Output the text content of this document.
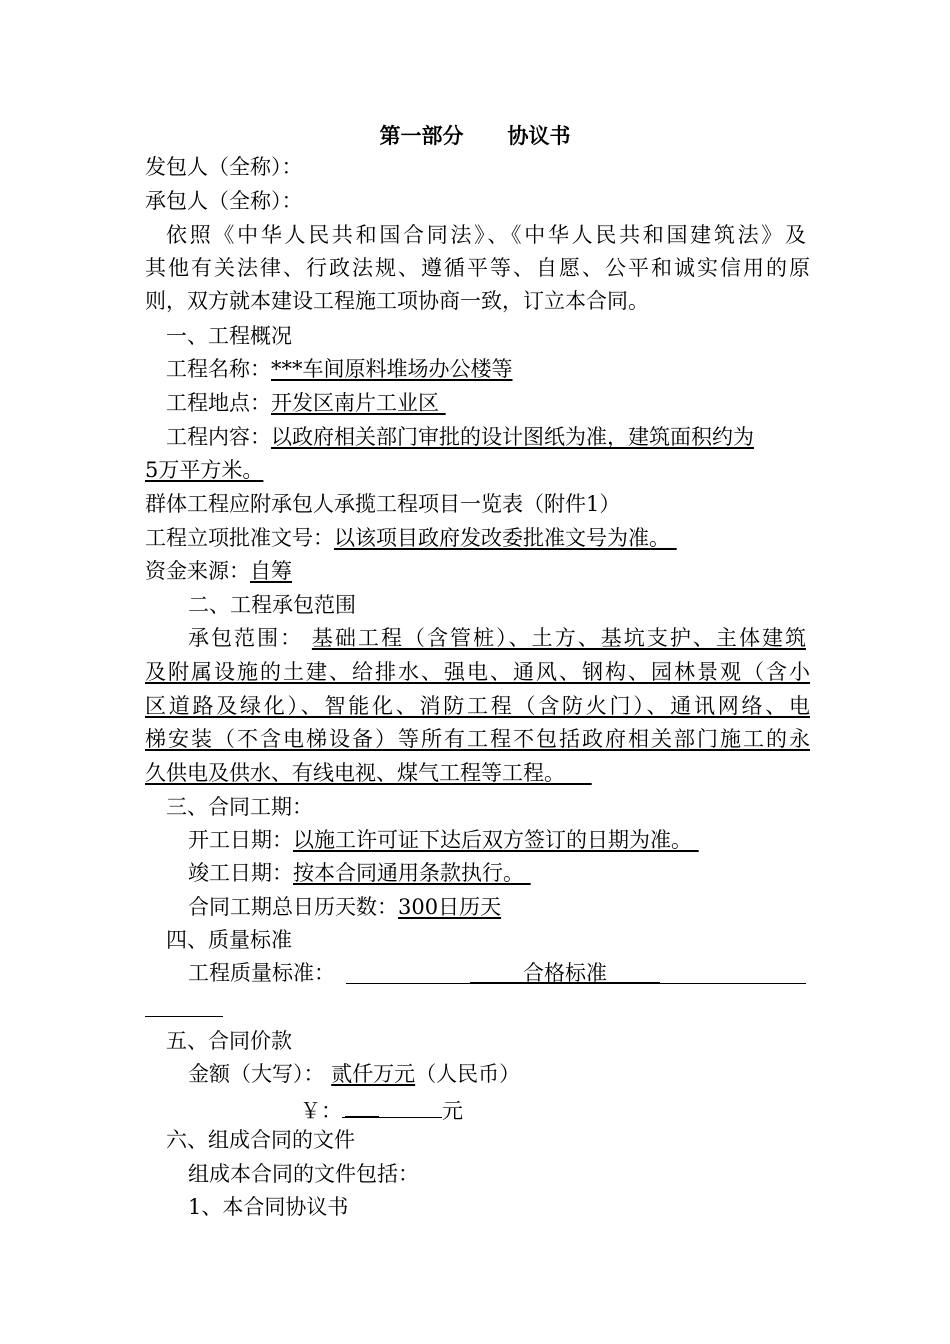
第一部分 协议书
发包人（全称）：
承包人（全称）：
依照《中华人民共和国合同法》、《中华人民共和国建筑法》及
其他有关法律、行政法规、遵循平等、自愿、公平和诚实信用的原
则，双方就本建设工程施工项协商一致，订立本合同。
一、工程概况
工程名称：***车间原料堆场办公楼等
工程地点：开发区南片工业区
工程内容：以政府相关部门审批的设计图纸为准，建筑面积约为
5万平方米。
群体工程应附承包人承揽工程项目一览表（附件1）
工程立项批准文号：以该项目政府发改委批准文号为准。
资金来源：自筹
二、工程承包范围
承包范围： 基础工程（含管桩）、土方、基坑支护、主体建筑
及附属设施的土建、给排水、强电、通风、钢构、园林景观（含小
区道路及绿化）、智能化、消防工程（含防火门）、通讯网络、电
梯安装（不含电梯设备）等所有工程不包括政府相关部门施工的永
久供电及供水、有线电视、煤气工程等工程。
三、合同工期：
开工日期：以施工许可证下达后双方签订的日期为准。
竣工日期：按本合同通用条款执行。
合同工期总日历天数：300日历天
四、质量标准
工程质量标准：	合格标准
五、合同价款
金额（大写）： 贰仟万元（人民币）
￥：	元
六、组成合同的文件
组成本合同的文件包括：
1、本合同协议书
